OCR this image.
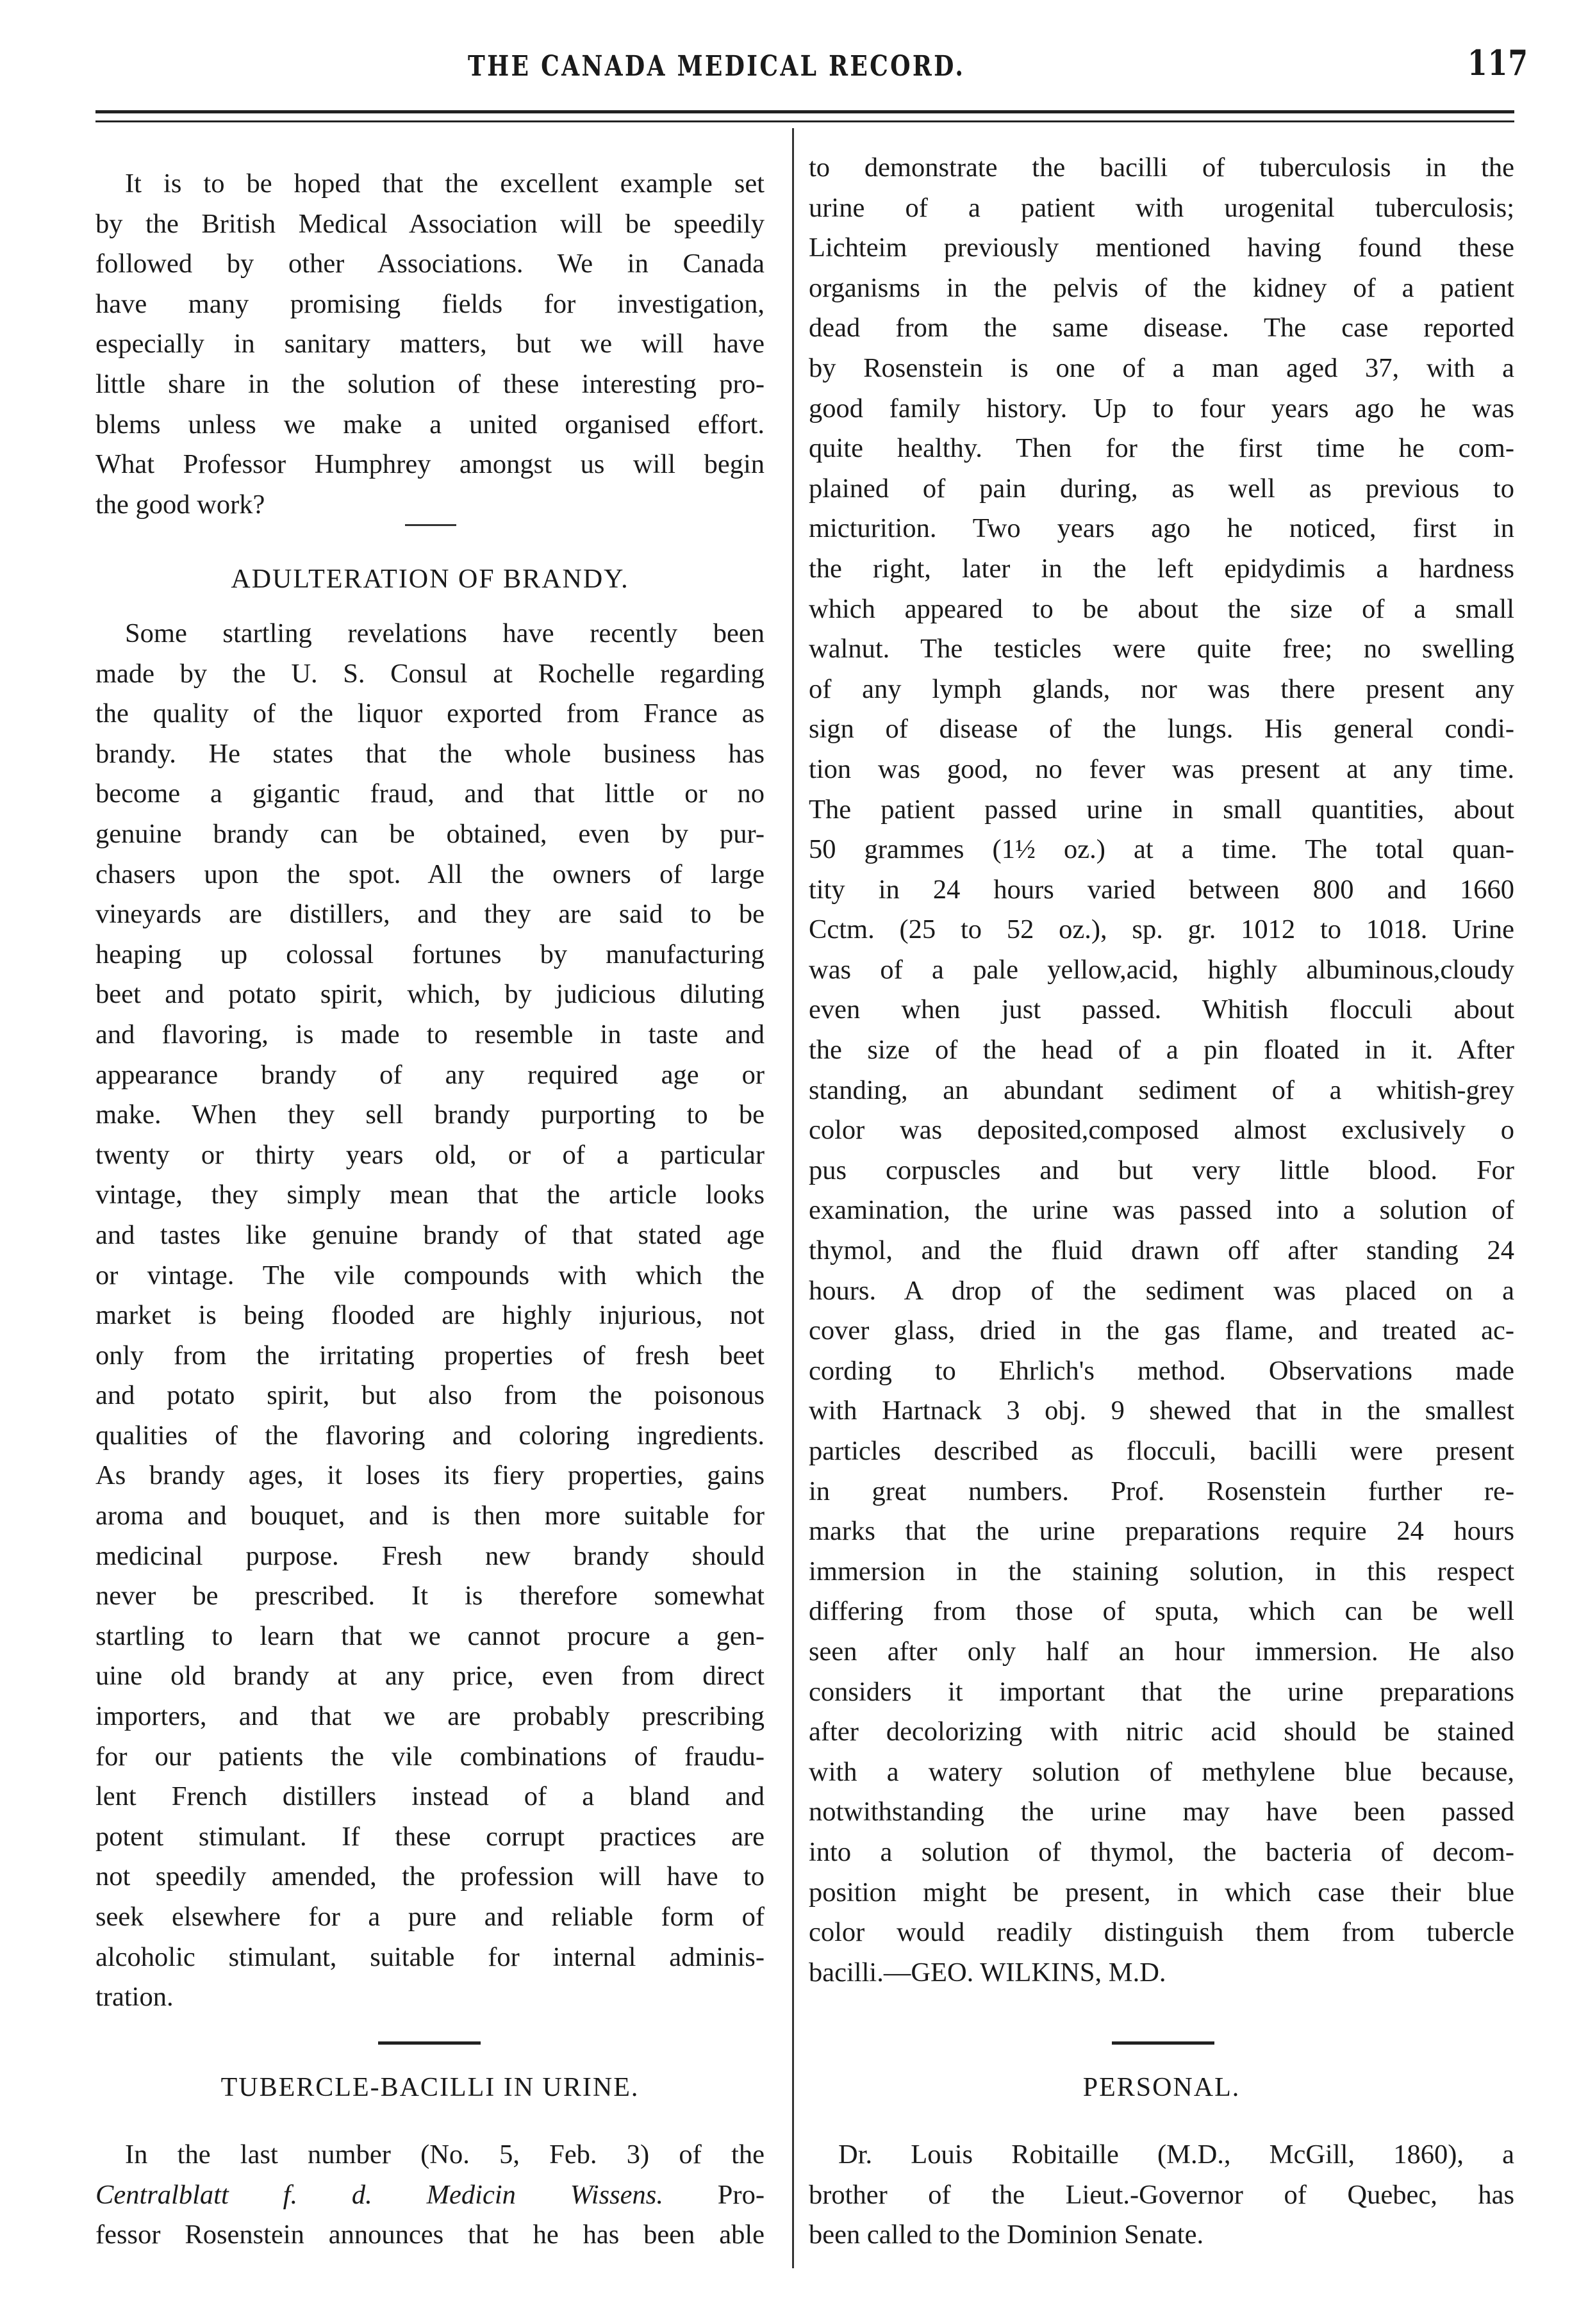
THE CANADA MEDICAL RECORD.	117
It is to be hoped that the excellent example set
by the British Medical Association will be speedily
followed by other Associations. We in Canada
have many promising fields for investigation,
especially in sanitary matters, but we will have
little share in the solution of these interesting pro-
blems unless we make a united organised effort.
What Professor Humphrey amongst us will begin
the good work?
ADULTERATION OF BRANDY.
Some startling revelations have recently been
made by the U. S. Consul at Rochelle regarding
the quality of the liquor exported from France as
brandy. He states that the whole business has
become a gigantic fraud, and that little or no
genuine brandy can be obtained, even by pur-
chasers upon the spot. All the owners of large
vineyards are distillers, and they are said to be
heaping up colossal fortunes by manufacturing
beet and potato spirit, which, by judicious diluting
and flavoring, is made to resemble in taste and
appearance brandy of any required age or
make. When they sell brandy purporting to be
twenty or thirty years old, or of a particular
vintage, they simply mean that the article looks
and tastes like genuine brandy of that stated age
or vintage. The vile compounds with which the
market is being flooded are highly injurious, not
only from the irritating properties of fresh beet
and potato spirit, but also from the poisonous
qualities of the flavoring and coloring ingredients.
As brandy ages, it loses its fiery properties, gains
aroma and bouquet, and is then more suitable for
medicinal purpose. Fresh new brandy should
never be prescribed. It is therefore somewhat
startling to learn that we cannot procure a gen-
uine old brandy at any price, even from direct
importers, and that we are probably prescribing
for our patients the vile combinations of fraudu-
lent French distillers instead of a bland and
potent stimulant. If these corrupt practices are
not speedily amended, the profession will have to
seek elsewhere for a pure and reliable form of
alcoholic stimulant, suitable for internal adminis-
tration.
TUBERCLE-BACILLI IN URINE.
In the last number (No. 5, Feb. 3) of the
Centralblatt f. d. Medicin Wissens. Pro-
fessor Rosenstein announces that he has been able
to demonstrate the bacilli of tuberculosis in the
urine of a patient with urogenital tuberculosis;
Lichteim previously mentioned having found these
organisms in the pelvis of the kidney of a patient
dead from the same disease. The case reported
by Rosenstein is one of a man aged 37, with a
good family history. Up to four years ago he was
quite healthy. Then for the first time he com-
plained of pain during, as well as previous to
micturition. Two years ago he noticed, first in
the right, later in the left epidydimis a hardness
which appeared to be about the size of a small
walnut. The testicles were quite free; no swelling
of any lymph glands, nor was there present any
sign of disease of the lungs. His general condi-
tion was good, no fever was present at any time.
The patient passed urine in small quantities, about
50 grammes (1½ oz.) at a time. The total quan-
tity in 24 hours varied between 800 and 1660
Cctm. (25 to 52 oz.), sp. gr. 1012 to 1018. Urine
was of a pale yellow,acid, highly albuminous,cloudy
even when just passed. Whitish flocculi about
the size of the head of a pin floated in it. After
standing, an abundant sediment of a whitish-grey
color was deposited,composed almost exclusively o
pus corpuscles and but very little blood. For
examination, the urine was passed into a solution of
thymol, and the fluid drawn off after standing 24
hours. A drop of the sediment was placed on a
cover glass, dried in the gas flame, and treated ac-
cording to Ehrlich's method. Observations made
with Hartnack 3 obj. 9 shewed that in the smallest
particles described as flocculi, bacilli were present
in great numbers. Prof. Rosenstein further re-
marks that the urine preparations require 24 hours
immersion in the staining solution, in this respect
differing from those of sputa, which can be well
seen after only half an hour immersion. He also
considers it important that the urine preparations
after decolorizing with nitric acid should be stained
with a watery solution of methylene blue because,
notwithstanding the urine may have been passed
into a solution of thymol, the bacteria of decom-
position might be present, in which case their blue
color would readily distinguish them from tubercle
bacilli.—GEO. WILKINS, M.D.
PERSONAL.
Dr. Louis Robitaille (M.D., McGill, 1860), a
brother of the Lieut.-Governor of Quebec, has
been called to the Dominion Senate.
